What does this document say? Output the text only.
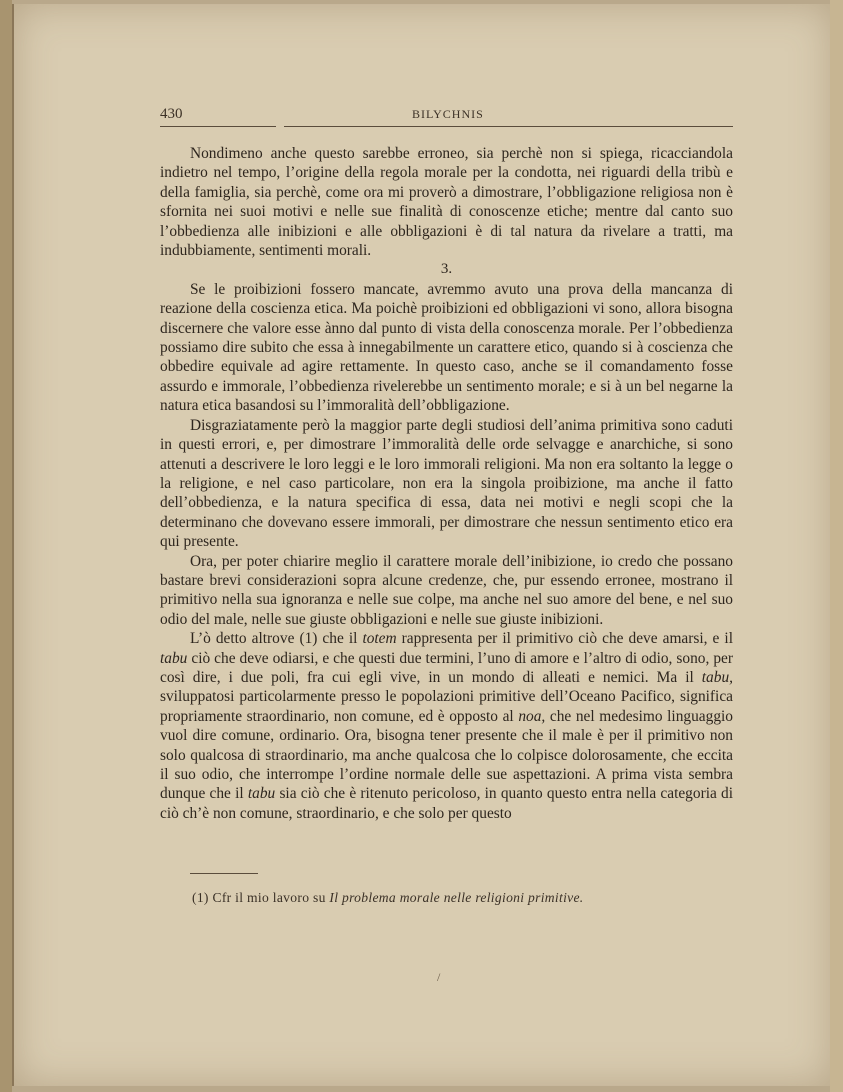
430	BILYCHNIS

Nondimeno anche questo sarebbe erroneo, sia perchè non si spiega, ricacciandola indietro nel tempo, l’origine della regola morale per la condotta, nei riguardi della tribù e della famiglia, sia perchè, come ora mi proverò a dimostrare, l’obbligazione religiosa non è sfornita nei suoi motivi e nelle sue finalità di conoscenze etiche; mentre dal canto suo l’obbedienza alle inibizioni e alle obbligazioni è di tal natura da rivelare a tratti, ma indubbiamente, sentimenti morali.

3.

Se le proibizioni fossero mancate, avremmo avuto una prova della mancanza di reazione della coscienza etica. Ma poichè proibizioni ed obbligazioni vi sono, allora bisogna discernere che valore esse ànno dal punto di vista della conoscenza morale. Per l’obbedienza possiamo dire subito che essa à innegabilmente un carattere etico, quando si à coscienza che obbedire equivale ad agire rettamente. In questo caso, anche se il comandamento fosse assurdo e immorale, l’obbedienza rivelerebbe un sentimento morale; e si à un bel negarne la natura etica basandosi su l’immoralità dell’obbligazione.

Disgraziatamente però la maggior parte degli studiosi dell’anima primitiva sono caduti in questi errori, e, per dimostrare l’immoralità delle orde selvagge e anarchiche, si sono attenuti a descrivere le loro leggi e le loro immorali religioni. Ma non era soltanto la legge o la religione, e nel caso particolare, non era la singola proibizione, ma anche il fatto dell’obbedienza, e la natura specifica di essa, data nei motivi e negli scopi che la determinano che dovevano essere immorali, per dimostrare che nessun sentimento etico era qui presente.

Ora, per poter chiarire meglio il carattere morale dell’inibizione, io credo che possano bastare brevi considerazioni sopra alcune credenze, che, pur essendo erronee, mostrano il primitivo nella sua ignoranza e nelle sue colpe, ma anche nel suo amore del bene, e nel suo odio del male, nelle sue giuste obbligazioni e nelle sue giuste inibizioni.

L’ò detto altrove (1) che il totem rappresenta per il primitivo ciò che deve amarsi, e il tabu ciò che deve odiarsi, e che questi due termini, l’uno di amore e l’altro di odio, sono, per così dire, i due poli, fra cui egli vive, in un mondo di alleati e nemici. Ma il tabu, sviluppatosi particolarmente presso le popolazioni primitive dell’Oceano Pacifico, significa propriamente straordinario, non comune, ed è opposto al noa, che nel medesimo linguaggio vuol dire comune, ordinario. Ora, bisogna tener presente che il male è per il primitivo non solo qualcosa di straordinario, ma anche qualcosa che lo colpisce dolorosamente, che eccita il suo odio, che interrompe l’ordine normale delle sue aspettazioni. A prima vista sembra dunque che il tabu sia ciò che è ritenuto pericoloso, in quanto questo entra nella categoria di ciò ch’è non comune, straordinario, e che solo per questo

(1) Cfr il mio lavoro su Il problema morale nelle religioni primitive.
/
